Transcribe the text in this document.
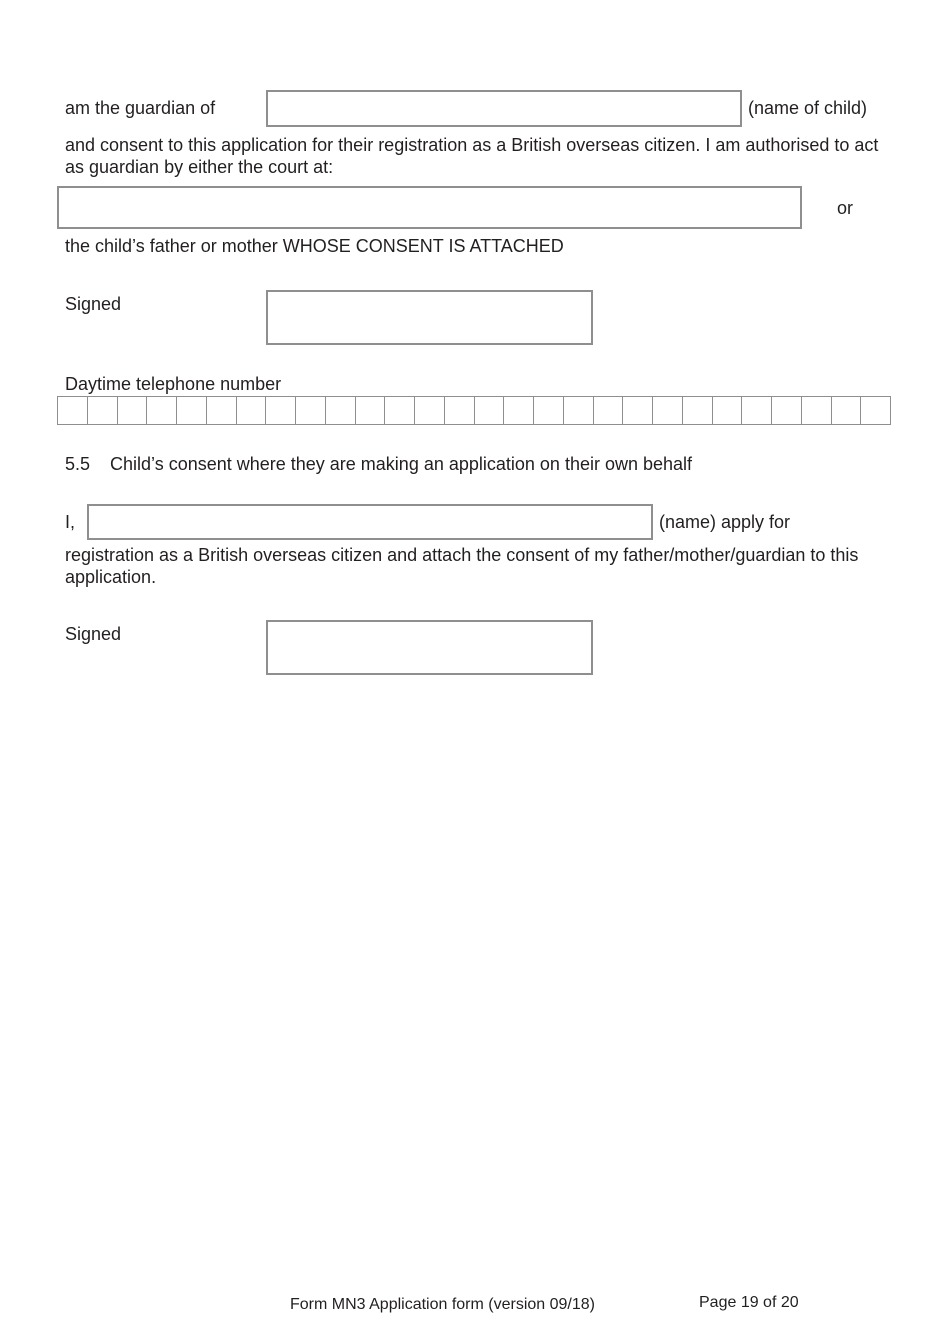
am the guardian of	(name of child)
and consent to this application for their registration as a British overseas citizen. I am authorised to act as guardian by either the court at:
or
the child’s father or mother WHOSE CONSENT IS ATTACHED
Signed
Daytime telephone number
5.5 Child’s consent where they are making an application on their own behalf
I,	(name) apply for
registration as a British overseas citizen and attach the consent of my father/mother/guardian to this application.
Signed
Form MN3 Application form (version 09/18)	Page 19 of 20
